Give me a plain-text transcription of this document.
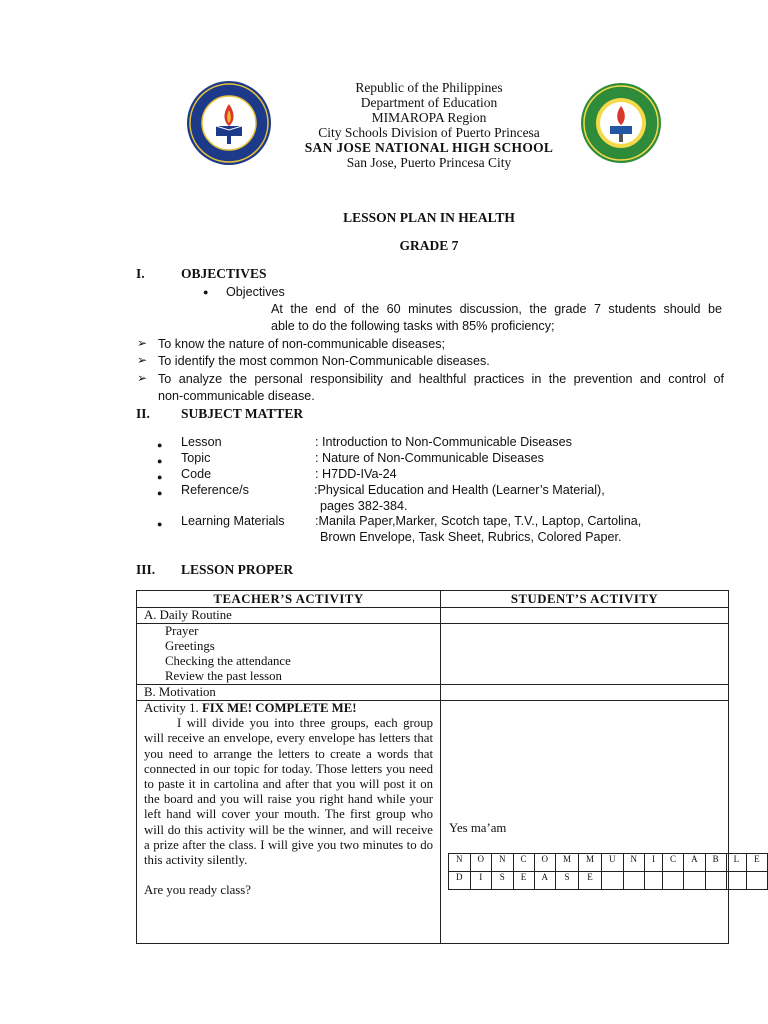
Republic of the Philippines
Department of Education
MIMAROPA Region
City Schools Division of Puerto Princesa
SAN JOSE NATIONAL HIGH SCHOOL
San Jose, Puerto Princesa City
LESSON PLAN IN HEALTH
GRADE 7
I.	OBJECTIVES
● Objectives
At the end of the 60 minutes discussion, the grade 7 students should be
able to do the following tasks with 85% proficiency;
➢ To know the nature of non-communicable diseases;
➢ To identify the most common Non-Communicable diseases.
➢ To analyze the personal responsibility and healthful practices in the prevention and control of
non-communicable disease.
II. SUBJECT MATTER
● Lesson	: Introduction to Non-Communicable Diseases
● Topic	: Nature of Non-Communicable Diseases
● Code	: H7DD-IVa-24
● Reference/s	:Physical Education and Health (Learner’s Material),
pages 382-384.
● Learning Materials :Manila Paper,Marker, Scotch tape, T.V., Laptop, Cartolina,
Brown Envelope, Task Sheet, Rubrics, Colored Paper.
III. LESSON PROPER
TEACHER’S ACTIVITY	STUDENT’S ACTIVITY
A. Daily Routine	

Prayer
Greetings
Checking the attendance
Review the past lesson

B. Motivation	

Activity 1. FIX ME! COMPLETE ME!
I will divide you into three groups, each group will receive an envelope, every envelope has letters that you need to arrange the letters to create a words that connected in our topic for today. Those letters you need to paste it in cartolina and after that you will post it on the board and you will raise you right hand while your left hand will cover your mouth. The first group who will do this activity will be the winner, and will receive a prize after the class. I will give you two minutes to do this activity silently.
Are you ready class?

Yes ma’am
N	O	N	C	O	M	M	U	N	I	C	A	B	L	E			
D	I	S	E	A	S	E											
